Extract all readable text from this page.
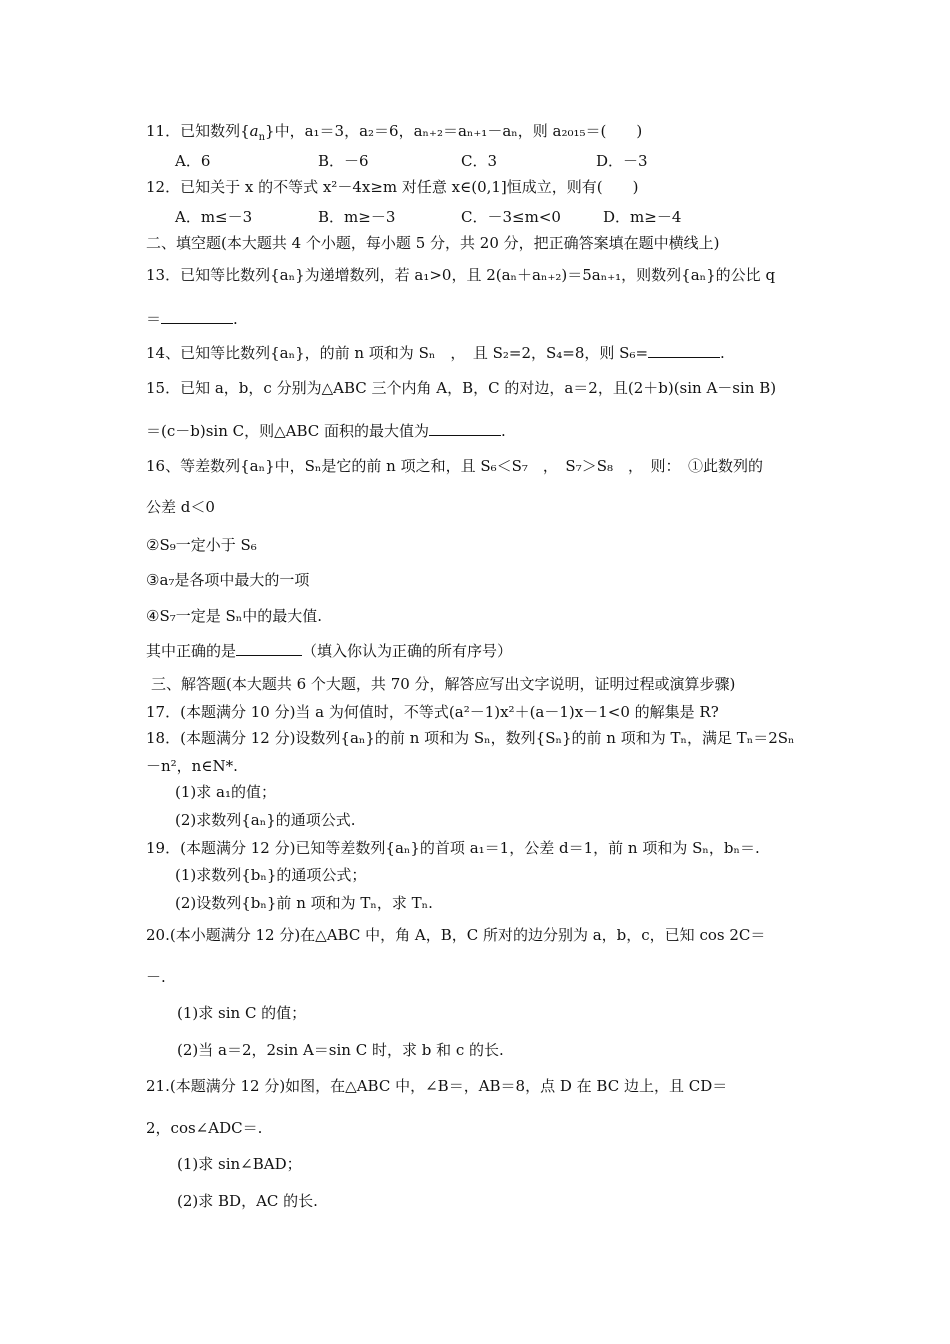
11．已知数列$\{a_n\}$中，a₁＝3，a₂＝6，aₙ₊₂＝aₙ₊₁－aₙ，则 a₂₀₁₅＝(　　)
A．6	B．－6	C．3	D．－3
12．已知关于 x 的不等式 x²－4x≥m 对任意 x∈(0,1]恒成立，则有(　　)
A．m≤－3	B．m≥－3	C．－3≤m<0	D．m≥－4
二、填空题(本大题共 4 个小题，每小题 5 分，共 20 分，把正确答案填在题中横线上)
13．已知等比数列{aₙ}为递增数列，若 a₁>0，且 2(aₙ＋aₙ₊₂)＝5aₙ₊₁，则数列{aₙ}的公比 q
＝	.
14、已知等比数列{aₙ}，的前 n 项和为 Sₙ　，　且 S₂=2，S₄=8，则 S₆=	.
15．已知 a，b，c 分别为△ABC 三个内角 A，B，C 的对边，a＝2，且(2＋b)(sin A－sin B)
＝(c－b)sin C，则△ABC 面积的最大值为	.
16、等差数列{aₙ}中，Sₙ是它的前 n 项之和，且 S₆＜S₇　，　S₇＞S₈　，　则：　①此数列的
公差 d＜0
②S₉一定小于 S₆
③a₇是各项中最大的一项
④S₇一定是 Sₙ中的最大值.
其中正确的是	（填入你认为正确的所有序号）
三、解答题(本大题共 6 个大题，共 70 分，解答应写出文字说明，证明过程或演算步骤)
17．(本题满分 10 分)当 a 为何值时，不等式(a²－1)x²＋(a－1)x－1<0 的解集是 R?
18．(本题满分 12 分)设数列{aₙ}的前 n 项和为 Sₙ，数列{Sₙ}的前 n 项和为 Tₙ，满足 Tₙ＝2Sₙ
－n²，n∈N*.
(1)求 a₁的值；
(2)求数列{aₙ}的通项公式.
19．(本题满分 12 分)已知等差数列{aₙ}的首项 a₁＝1，公差 d＝1，前 n 项和为 Sₙ，bₙ＝.
(1)求数列{bₙ}的通项公式；
(2)设数列{bₙ}前 n 项和为 Tₙ，求 Tₙ.
20.(本小题满分 12 分)在△ABC 中，角 A，B，C 所对的边分别为 a，b，c，已知 cos 2C＝
－.
(1)求 sin C 的值；
(2)当 a＝2，2sin A＝sin C 时，求 b 和 c 的长.
21.(本题满分 12 分)如图，在△ABC 中，∠B＝，AB＝8，点 D 在 BC 边上，且 CD＝
2，cos∠ADC＝.
(1)求 sin∠BAD；
(2)求 BD，AC 的长.
